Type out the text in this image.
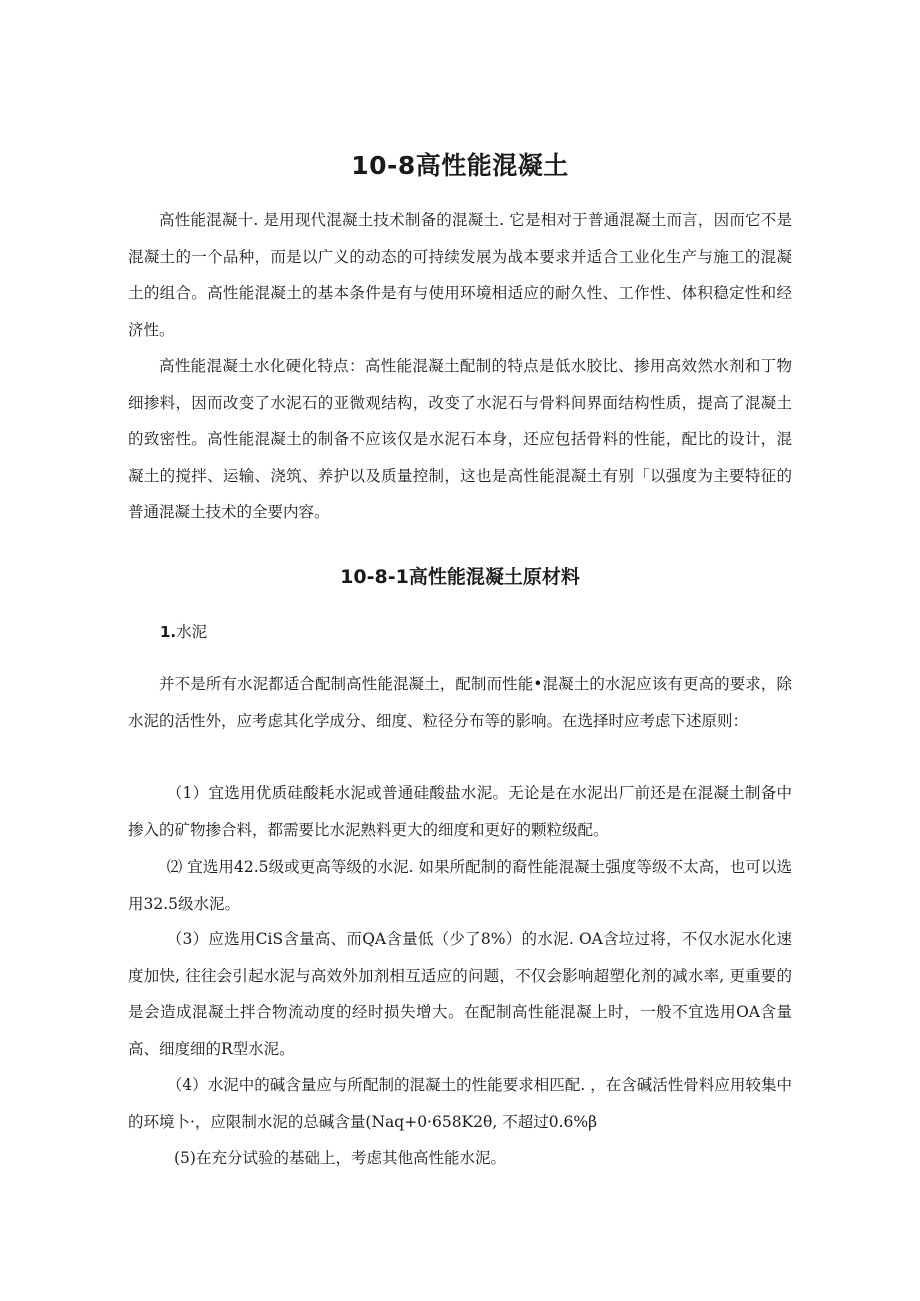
10-8高性能混凝土

高性能混凝十. 是用现代混凝土技术制备的混凝土. 它是相对于普通混凝土而言，因而它不是混凝土的一个品种，而是以广义的动态的可持续发展为战本要求并适合工业化生产与施工的混凝土的组合。高性能混凝土的基本条件是有与使用环境相适应的耐久性、工作性、体积稳定性和经济性。

高性能混凝土水化硬化特点：高性能混凝土配制的特点是低水胶比、掺用高效然水剂和丁物细掺料，因而改变了水泥石的亚微观结构，改变了水泥石与骨料间界面结构性质，提高了混凝土的致密性。高性能混凝土的制备不应该仅是水泥石本身，还应包括骨料的性能，配比的设计，混凝土的搅拌、运输、浇筑、养护以及质量控制，这也是高性能混凝土有别「以强度为主要特征的普通混凝土技术的全要内容。

10-8-1高性能混凝土原材料
1.水泥

并不是所有水泥都适合配制高性能混凝土，配制而性能•混凝土的水泥应该有更高的要求，除水泥的活性外，应考虑其化学成分、细度、粒径分布等的影响。在选择时应考虑下述原则：

（1）宜选用优质硅酸耗水泥或普通硅酸盐水泥。无论是在水泥出厂前还是在混凝土制备中掺入的矿物掺合料，都需要比水泥熟料更大的细度和更好的颗粒级配。

⑵ 宜选用42.5级或更高等级的水泥. 如果所配制的裔性能混凝土强度等级不太高，也可以选用32.5级水泥。

（3）应选用CiS含量高、而QA含量低（少了8%）的水泥. OA含垃过将，不仅水泥水化速度加快, 往往会引起水泥与高效外加剂相互适应的问题，不仅会影响超塑化剂的减水率, 更重要的是会造成混凝土拌合物流动度的经时损失增大。在配制高性能混凝上时，一般不宜选用OA含量高、细度细的R型水泥。

（4）水泥中的碱含量应与所配制的混凝土的性能要求相匹配. ，在含碱活性骨料应用较集中的环境卜·，应限制水泥的总碱含量(Naq+0·658K2θ, 不超过0.6%β

(5)在充分试验的基础上，考虑其他高性能水泥。
